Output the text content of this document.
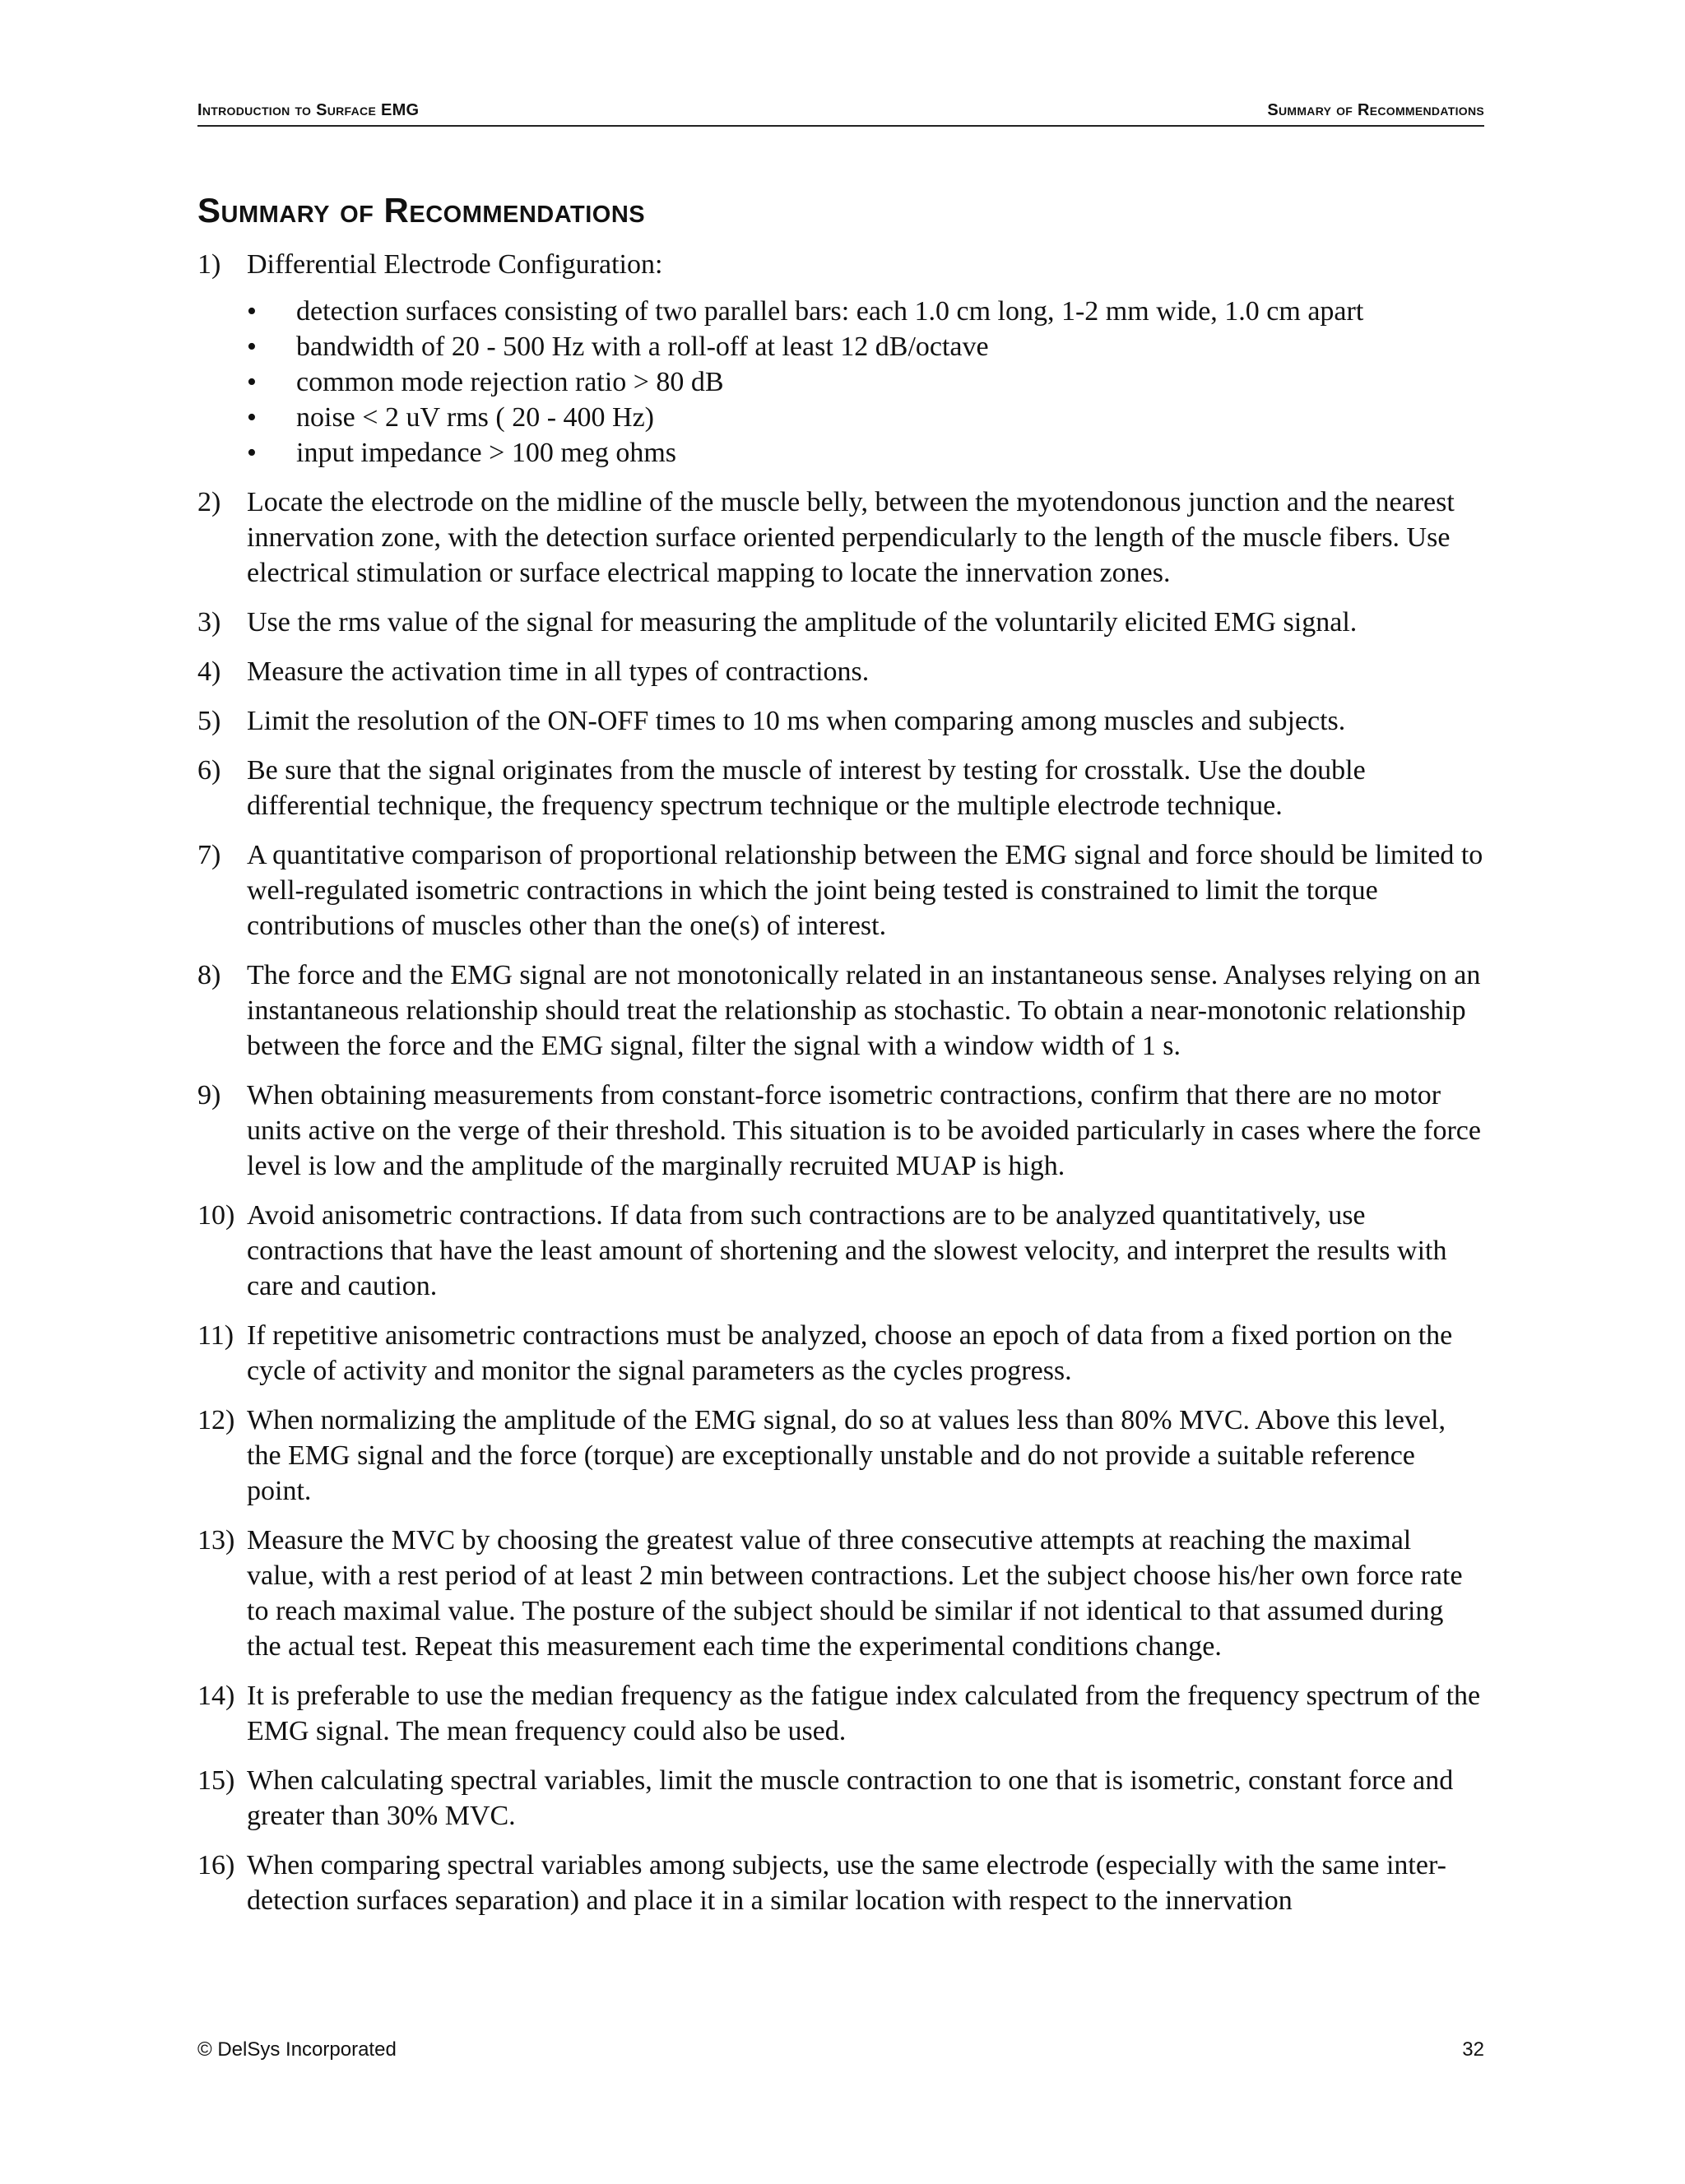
Introduction to Surface EMG	Summary of Recommendations
Summary of Recommendations
1) Differential Electrode Configuration:
• detection surfaces consisting of two parallel bars: each 1.0 cm long, 1-2 mm wide, 1.0 cm apart
• bandwidth of 20 - 500 Hz with a roll-off at least 12 dB/octave
• common mode rejection ratio > 80 dB
• noise < 2 uV rms ( 20 - 400 Hz)
• input impedance > 100 meg ohms
2) Locate the electrode on the midline of the muscle belly, between the myotendonous junction and the nearest innervation zone, with the detection surface oriented perpendicularly to the length of the muscle fibers. Use electrical stimulation or surface electrical mapping to locate the innervation zones.
3) Use the rms value of the signal for measuring the amplitude of the voluntarily elicited EMG signal.
4) Measure the activation time in all types of contractions.
5) Limit the resolution of the ON-OFF times to 10 ms when comparing among muscles and subjects.
6) Be sure that the signal originates from the muscle of interest by testing for crosstalk. Use the double differential technique, the frequency spectrum technique or the multiple electrode technique.
7) A quantitative comparison of proportional relationship between the EMG signal and force should be limited to well-regulated isometric contractions in which the joint being tested is constrained to limit the torque contributions of muscles other than the one(s) of interest.
8) The force and the EMG signal are not monotonically related in an instantaneous sense. Analyses relying on an instantaneous relationship should treat the relationship as stochastic. To obtain a near-monotonic relationship between the force and the EMG signal, filter the signal with a window width of 1 s.
9) When obtaining measurements from constant-force isometric contractions, confirm that there are no motor units active on the verge of their threshold. This situation is to be avoided particularly in cases where the force level is low and the amplitude of the marginally recruited MUAP is high.
10) Avoid anisometric contractions. If data from such contractions are to be analyzed quantitatively, use contractions that have the least amount of shortening and the slowest velocity, and interpret the results with care and caution.
11) If repetitive anisometric contractions must be analyzed, choose an epoch of data from a fixed portion on the cycle of activity and monitor the signal parameters as the cycles progress.
12) When normalizing the amplitude of the EMG signal, do so at values less than 80% MVC. Above this level, the EMG signal and the force (torque) are exceptionally unstable and do not provide a suitable reference point.
13) Measure the MVC by choosing the greatest value of three consecutive attempts at reaching the maximal value, with a rest period of at least 2 min between contractions. Let the subject choose his/her own force rate to reach maximal value. The posture of the subject should be similar if not identical to that assumed during the actual test. Repeat this measurement each time the experimental conditions change.
14) It is preferable to use the median frequency as the fatigue index calculated from the frequency spectrum of the EMG signal. The mean frequency could also be used.
15) When calculating spectral variables, limit the muscle contraction to one that is isometric, constant force and greater than 30% MVC.
16) When comparing spectral variables among subjects, use the same electrode (especially with the same inter-detection surfaces separation) and place it in a similar location with respect to the innervation
© DelSys Incorporated	32
